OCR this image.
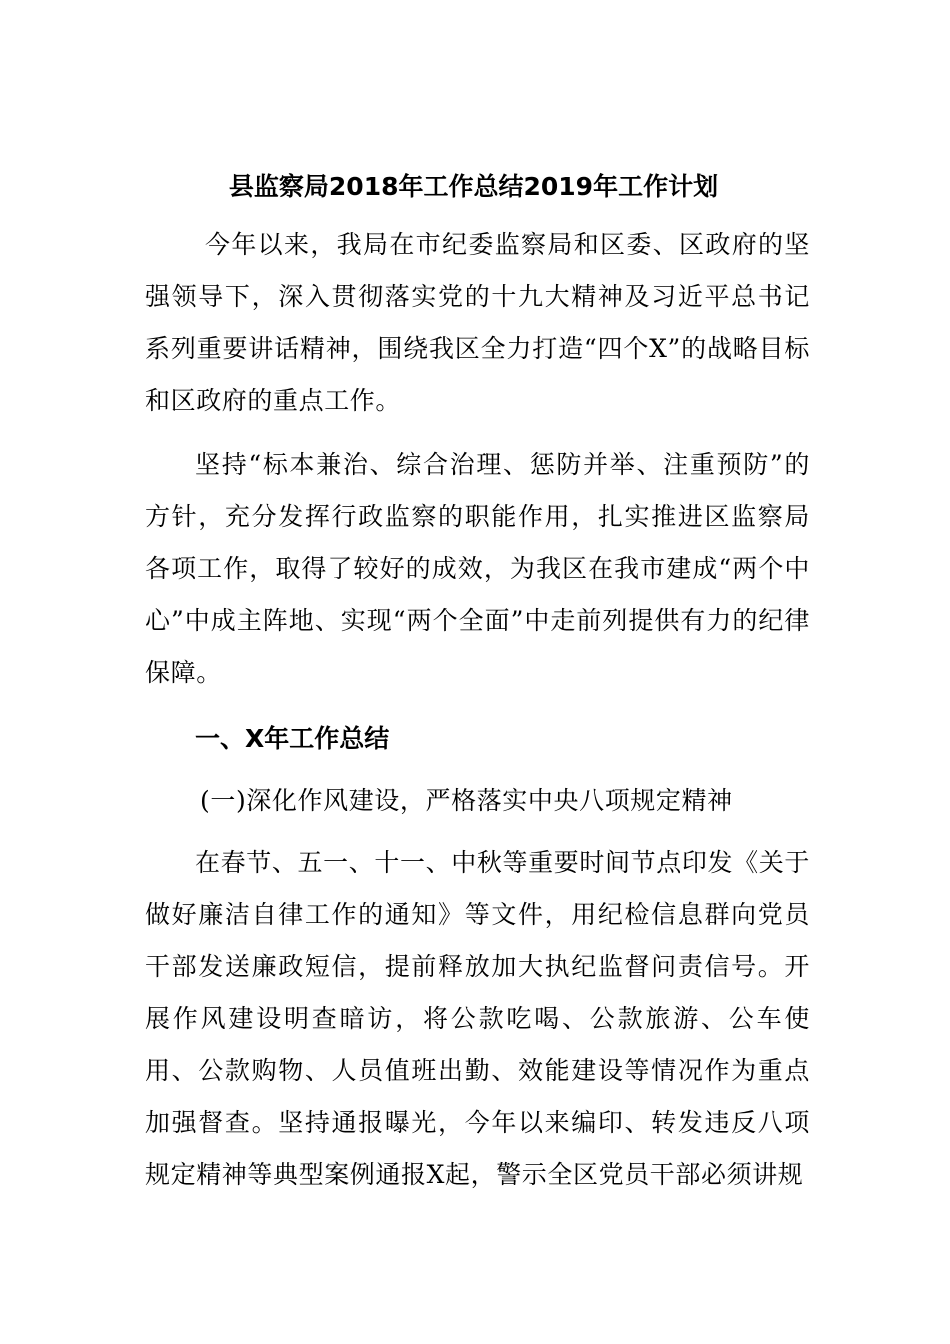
县监察局2018年工作总结2019年工作计划

今年以来，我局在市纪委监察局和区委、区政府的坚强领导下，深入贯彻落实党的十九大精神及习近平总书记系列重要讲话精神，围绕我区全力打造“四个X”的战略目标和区政府的重点工作。

坚持“标本兼治、综合治理、惩防并举、注重预防”的方针，充分发挥行政监察的职能作用，扎实推进区监察局各项工作，取得了较好的成效，为我区在我市建成“两个中心”中成主阵地、实现“两个全面”中走前列提供有力的纪律保障。

一、X年工作总结
(一)深化作风建设，严格落实中央八项规定精神

在春节、五一、十一、中秋等重要时间节点印发《关于做好廉洁自律工作的通知》等文件，用纪检信息群向党员干部发送廉政短信，提前释放加大执纪监督问责信号。开展作风建设明查暗访，将公款吃喝、公款旅游、公车使用、公款购物、人员值班出勤、效能建设等情况作为重点加强督查。坚持通报曝光，今年以来编印、转发违反八项规定精神等典型案例通报X起，警示全区党员干部必须讲规
